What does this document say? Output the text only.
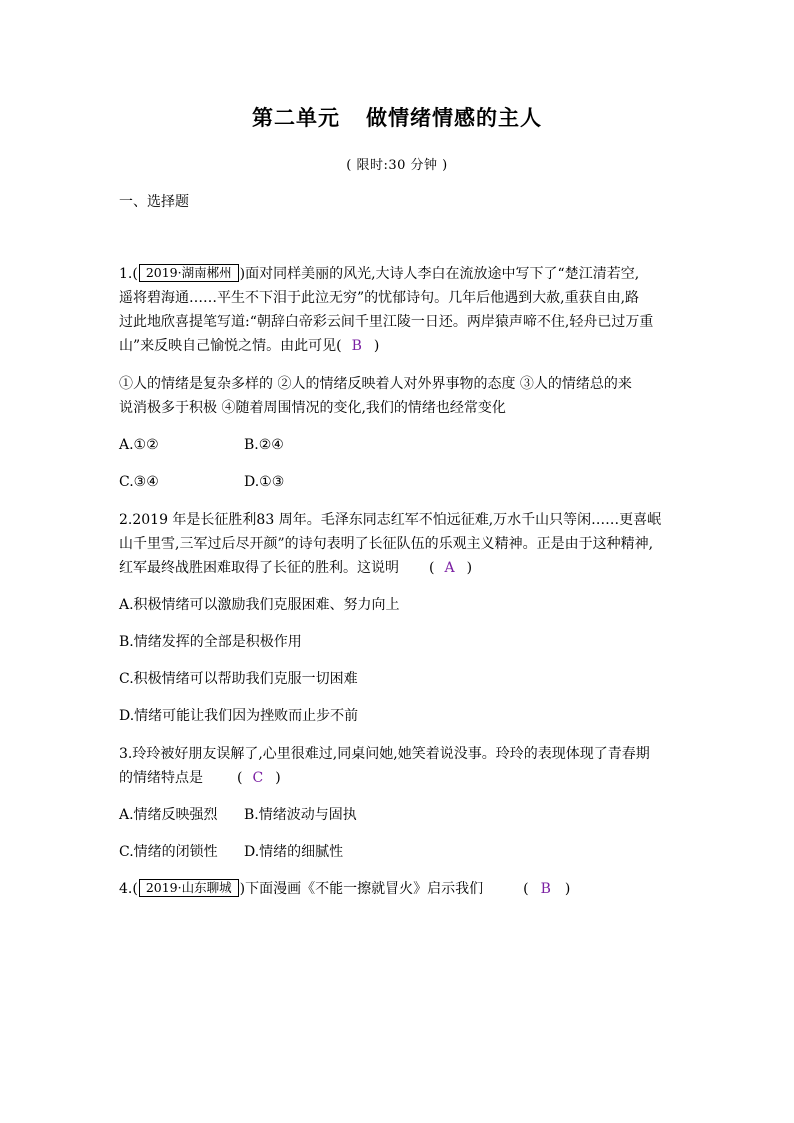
第二单元 做情绪情感的主人
( 限时:30 分钟 )
一、选择题
1.( 2019·湖南郴州 )面对同样美丽的风光,大诗人李白在流放途中写下了“楚江清若空,
遥将碧海通……平生不下泪于此泣无穷”的忧郁诗句。几年后他遇到大赦,重获自由,路
过此地欣喜提笔写道:“朝辞白帝彩云间千里江陵一日还。两岸猿声啼不住,轻舟已过万重
山”来反映自己愉悦之情。由此可见( B )
①人的情绪是复杂多样的 ②人的情绪反映着人对外界事物的态度 ③人的情绪总的来
说消极多于积极 ④随着周围情况的变化,我们的情绪也经常变化
A.①②	B.②④
C.③④	D.①③
2.2019 年是长征胜利83 周年。毛泽东同志红军不怕远征难,万水千山只等闲……更喜岷
山千里雪,三军过后尽开颜”的诗句表明了长征队伍的乐观主义精神。正是由于这种精神,
红军最终战胜困难取得了长征的胜利。这说明 ( A )
A.积极情绪可以激励我们克服困难、努力向上
B.情绪发挥的全部是积极作用
C.积极情绪可以帮助我们克服一切困难
D.情绪可能让我们因为挫败而止步不前
3.玲玲被好朋友误解了,心里很难过,同桌问她,她笑着说没事。玲玲的表现体现了青春期
的情绪特点是 ( C )
A.情绪反映强烈 B.情绪波动与固执
C.情绪的闭锁性 D.情绪的细腻性
4.( 2019·山东聊城 )下面漫画《不能一擦就冒火》启示我们	( B )
